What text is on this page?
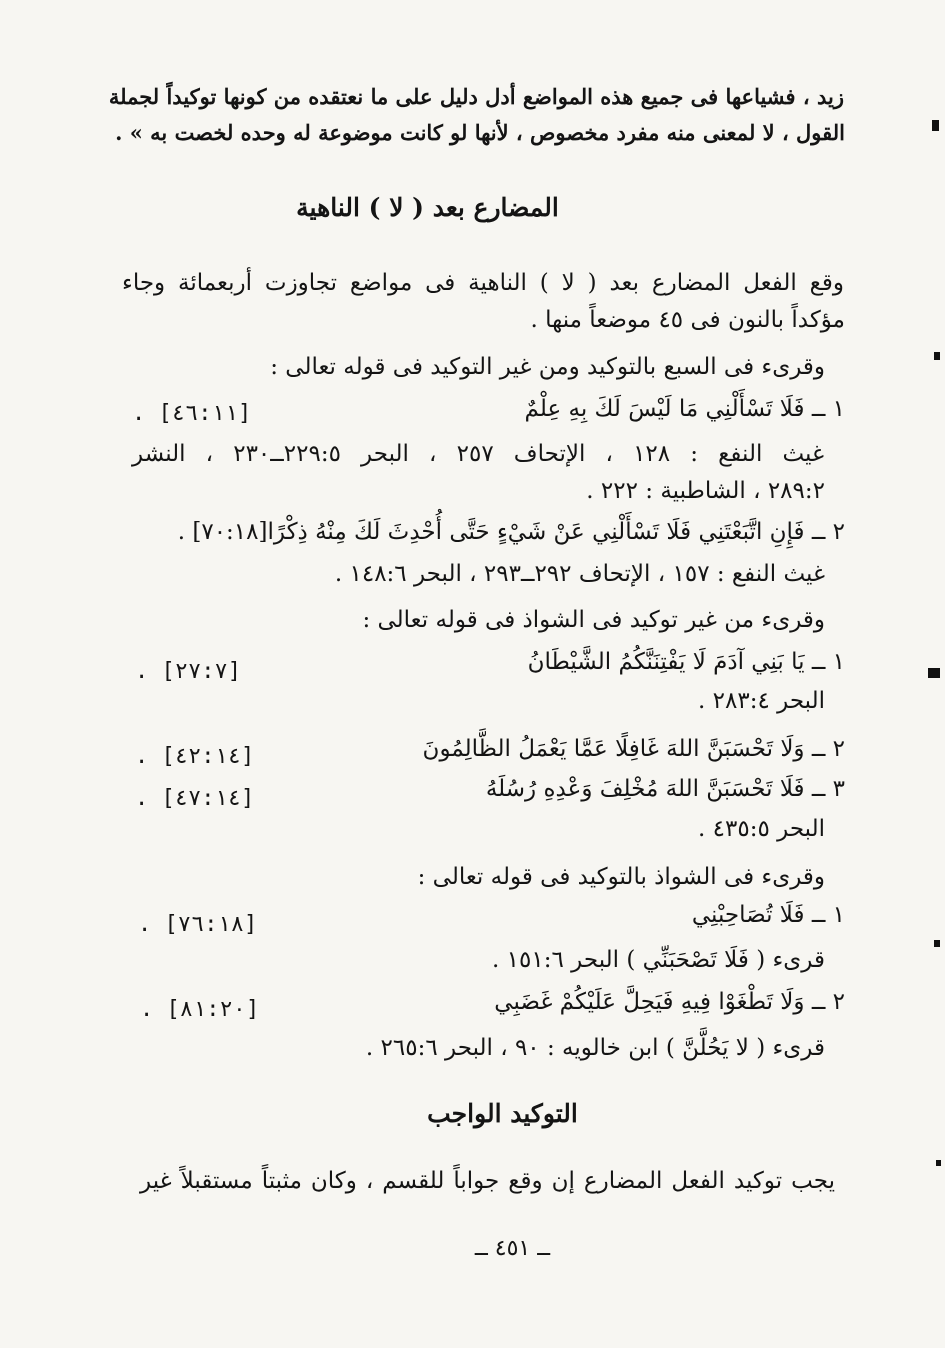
زيد ، فشياعها فى جميع هذه المواضع أدل دليل على ما نعتقده من كونها توكيداً لجملة
القول ، لا لمعنى منه مفرد مخصوص ، لأنها لو كانت موضوعة له وحده لخصت به » .
المضارع بعد ( لا ) الناهية
وقع الفعل المضارع بعد ( لا ) الناهية فى مواضع تجاوزت أربعمائة وجاء
مؤكداً بالنون فى ٤٥ موضعاً منها .
وقرىء فى السبع بالتوكيد ومن غير التوكيد فى قوله تعالى :
١ ــ فَلَا تَسْأَلْنِي مَا لَيْسَ لَكَ بِهِ عِلْمٌ
. [٤٦:١١]
غيث النفع : ١٢٨ ، الإتحاف ٢٥٧ ، البحر ٢٢٩:٥ــ٢٣٠ ، النشر
٢٨٩:٢ ، الشاطبية : ٢٢٢ .
٢ ــ فَإِنِ اتَّبَعْتَنِي فَلَا تَسْأَلْنِي عَنْ شَيْءٍ حَتَّى أُحْدِثَ لَكَ مِنْهُ ذِكْرًا[٧٠:١٨] .
غيث النفع : ١٥٧ ، الإتحاف ٢٩٢ــ٢٩٣ ، البحر ١٤٨:٦ .
وقرىء من غير توكيد فى الشواذ فى قوله تعالى :
١ ــ يَا بَنِي آدَمَ لَا يَفْتِنَنَّكُمُ الشَّيْطَانُ
. [٢٧:٧]
البحر ٢٨٣:٤ .
٢ ــ وَلَا تَحْسَبَنَّ اللهَ غَافِلًا عَمَّا يَعْمَلُ الظَّالِمُونَ
. [٤٢:١٤]
٣ ــ فَلَا تَحْسَبَنَّ اللهَ مُخْلِفَ وَعْدِهِ رُسُلَهُ
. [٤٧:١٤]
البحر ٤٣٥:٥ .
وقرىء فى الشواذ بالتوكيد فى قوله تعالى :
١ ــ فَلَا تُصَاحِبْنِي
. [٧٦:١٨]
قرىء ( فَلَا تَصْحَبَنِّي ) البحر ١٥١:٦ .
٢ ــ وَلَا تَطْغَوْا فِيهِ فَيَحِلَّ عَلَيْكُمْ غَضَبِي
. [٨١:٢٠]
قرىء ( لا يَحُلَّنَّ ) ابن خالويه : ٩٠ ، البحر ٢٦٥:٦ .
التوكيد الواجب
يجب توكيد الفعل المضارع إن وقع جواباً للقسم ، وكان مثبتاً مستقبلاً غير
ــ ٤٥١ ــ
